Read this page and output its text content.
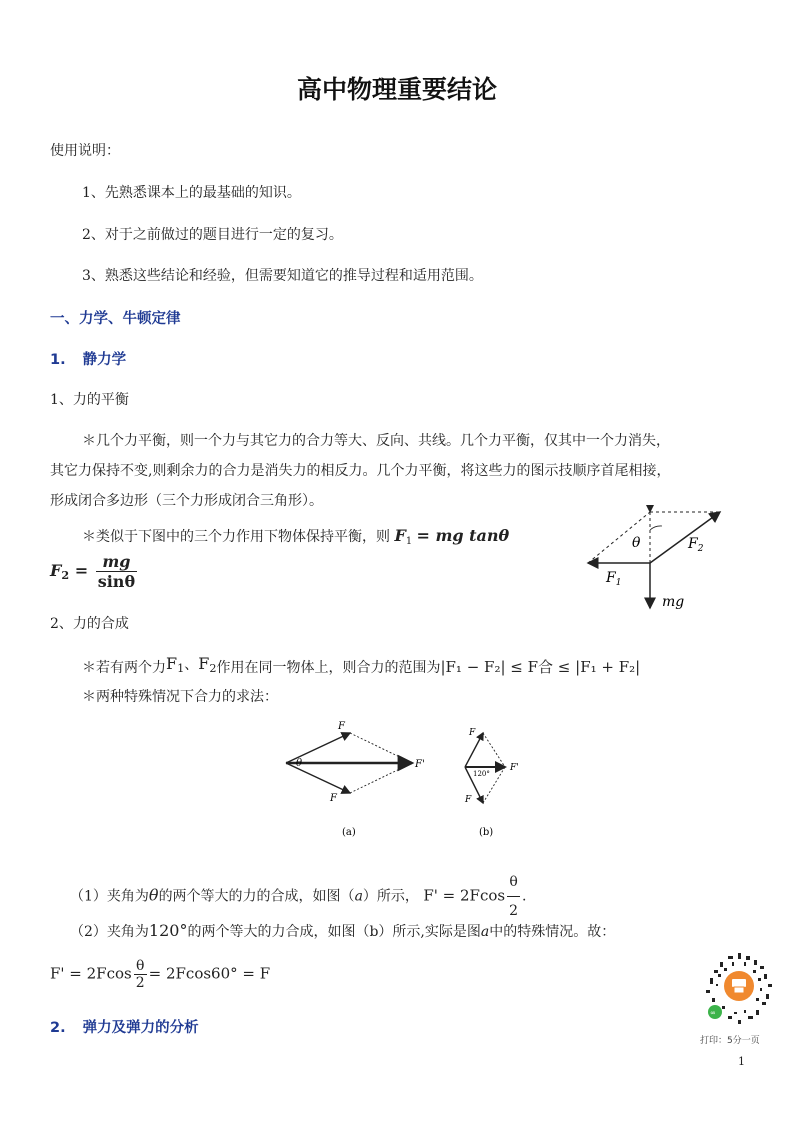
高中物理重要结论
使用说明：
1、先熟悉课本上的最基础的知识。
2、对于之前做过的题目进行一定的复习。
3、熟悉这些结论和经验，但需要知道它的推导过程和适用范围。
一、力学、牛顿定律
1. 静力学
1、力的平衡
＊几个力平衡，则一个力与其它力的合力等大、反向、共线。几个力平衡，仅其中一个力消失，
其它力保持不变,则剩余力的合力是消失力的相反力。几个力平衡，将这些力的图示技顺序首尾相接，
形成闭合多边形（三个力形成闭合三角形）。
＊类似于下图中的三个力作用下物体保持平衡，则 $F_1$ = mg tanθ
$F_2 = \frac{mg}{\sin\theta}$
θ	$F_2$
$F_1$
mg
2、力的合成
＊若有两个力$F_1$、$F_2$作用在同一物体上，则合力的范围为|F₁ − F₂| ≤ F合 ≤ |F₁ + F₂|
＊两种特殊情况下合力的求法：
F
F
θ	F'
(a)
F
F
120°
F'
(b)
（1）夹角为θ的两个等大的力的合成，如图（a）所示， $F' = 2Fcos \frac{\theta}{2}$ .
（2）夹角为120°的两个等大的力合成，如图（b）所示,实际是图a中的特殊情况。故：
$F' = 2Fcos \frac{\theta}{2} = 2Fcos60^\circ = F$
2. 弹力及弹力的分析
∞
打印：5分一页
1
